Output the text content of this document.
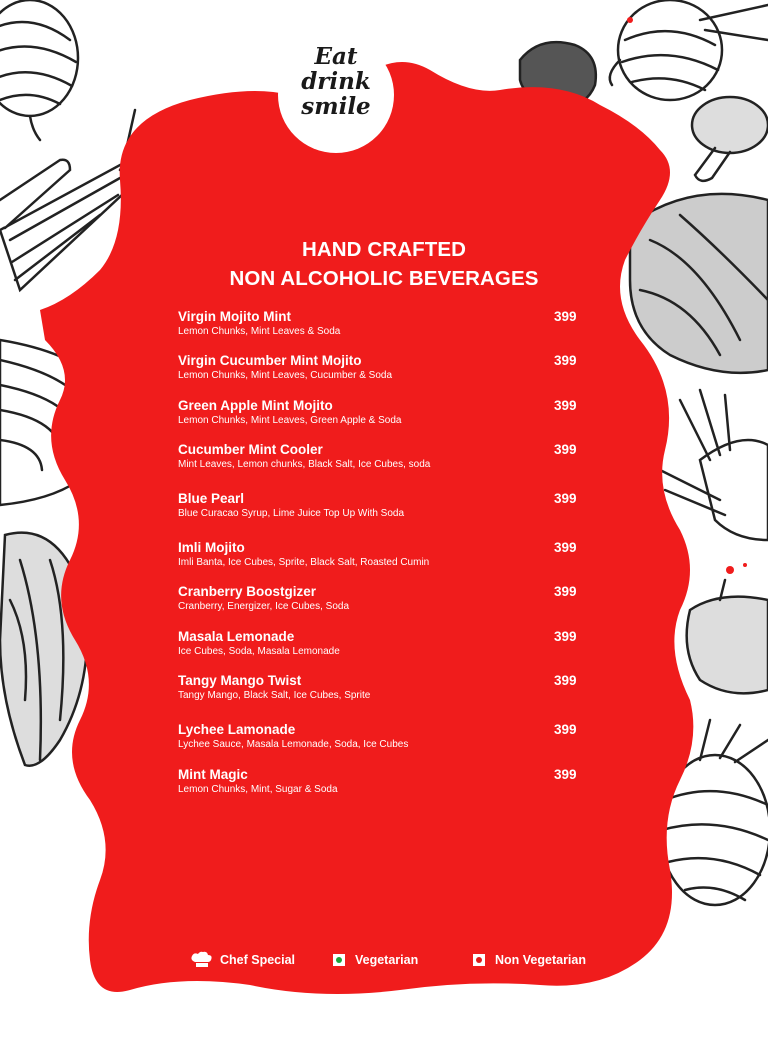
Eat
drink
smile
HAND CRAFTED
NON ALCOHOLIC BEVERAGES
Virgin Mojito Mint
Lemon Chunks, Mint Leaves & Soda
399
Virgin Cucumber Mint Mojito
Lemon Chunks, Mint Leaves, Cucumber & Soda
399
Green Apple Mint Mojito
Lemon Chunks, Mint Leaves, Green Apple & Soda
399
Cucumber Mint Cooler
Mint Leaves, Lemon chunks, Black Salt, Ice Cubes, soda
399
Blue Pearl
Blue Curacao Syrup, Lime Juice Top Up With Soda
399
Imli Mojito
Imli Banta, Ice Cubes, Sprite, Black Salt, Roasted Cumin
399
Cranberry Boostgizer
Cranberry, Energizer, Ice Cubes, Soda
399
Masala Lemonade
Ice Cubes, Soda, Masala Lemonade
399
Tangy Mango Twist
Tangy Mango, Black Salt, Ice Cubes, Sprite
399
Lychee Lamonade
Lychee Sauce, Masala Lemonade, Soda, Ice Cubes
399
Mint Magic
Lemon Chunks, Mint, Sugar & Soda
399
Chef Special	Vegetarian	Non Vegetarian
